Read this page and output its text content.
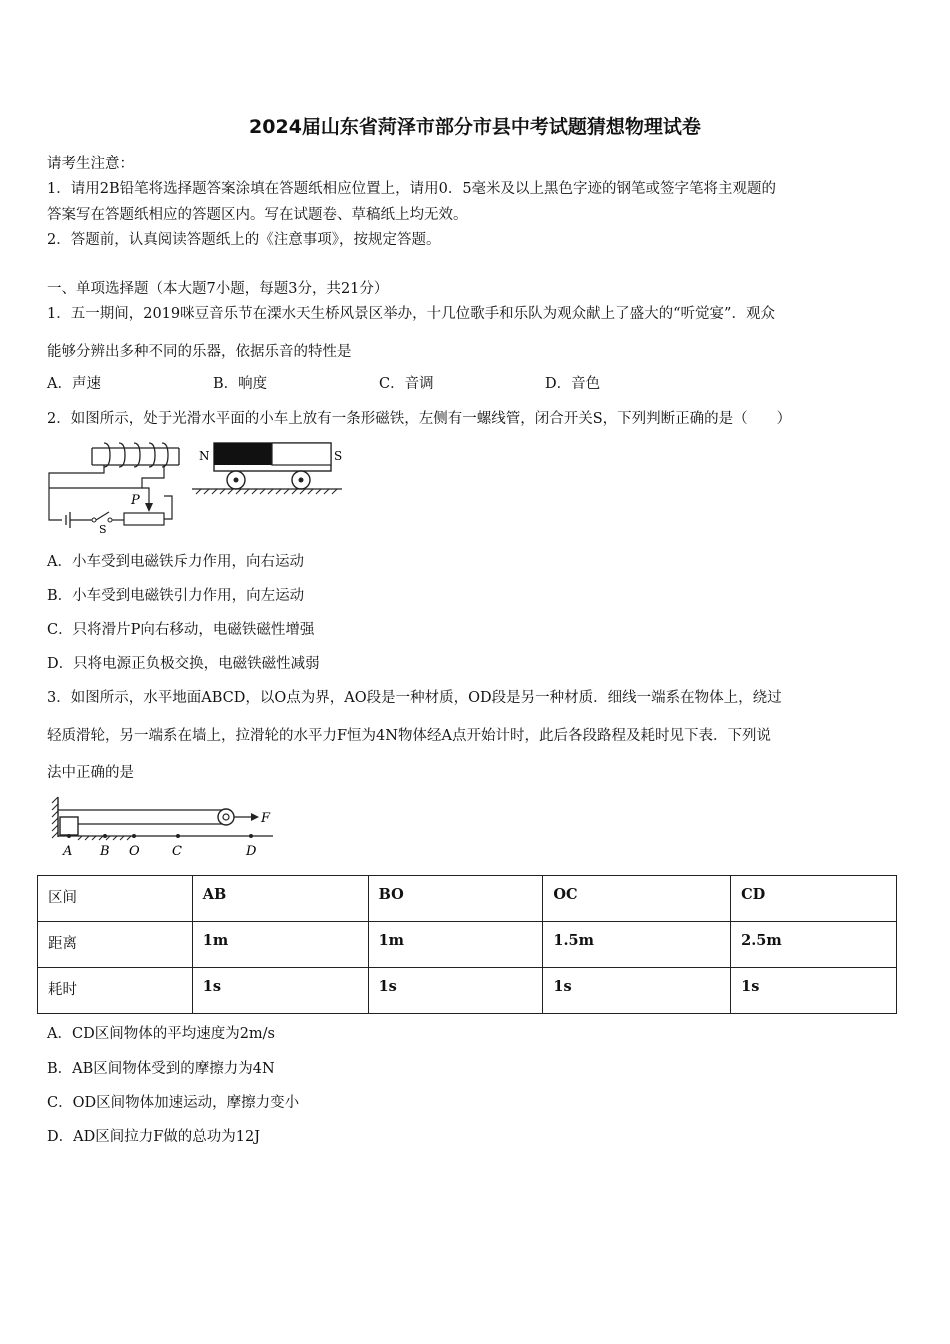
2024届山东省菏泽市部分市县中考试题猜想物理试卷
请考生注意：
1．请用2B铅笔将选择题答案涂填在答题纸相应位置上，请用0．5毫米及以上黑色字迹的钢笔或签字笔将主观题的
答案写在答题纸相应的答题区内。写在试题卷、草稿纸上均无效。
2．答题前，认真阅读答题纸上的《注意事项》，按规定答题。
一、单项选择题（本大题7小题，每题3分，共21分）
1．五一期间，2019咪豆音乐节在溧水天生桥风景区举办，十几位歌手和乐队为观众献上了盛大的“听觉宴”．观众
能够分辨出多种不同的乐器，依据乐音的特性是
A．声速	B．响度	C．音调	D．音色
2．如图所示，处于光滑水平面的小车上放有一条形磁铁，左侧有一螺线管，闭合开关S，下列判断正确的是（　　）
P
S
N	S
A．小车受到电磁铁斥力作用，向右运动
B．小车受到电磁铁引力作用，向左运动
C．只将滑片P向右移动，电磁铁磁性增强
D．只将电源正负极交换，电磁铁磁性减弱
3．如图所示，水平地面ABCD，以O点为界，AO段是一种材质，OD段是另一种材质．细线一端系在物体上，绕过
轻质滑轮，另一端系在墙上，拉滑轮的水平力F恒为4N物体经A点开始计时，此后各段路程及耗时见下表．下列说
法中正确的是
F
A B O C	D
区间	AB	BO	OC	CD
距离	1m	1m	1.5m	2.5m
耗时	1s	1s	1s	1s
A．CD区间物体的平均速度为2m/s
B．AB区间物体受到的摩擦力为4N
C．OD区间物体加速运动，摩擦力变小
D．AD区间拉力F做的总功为12J
